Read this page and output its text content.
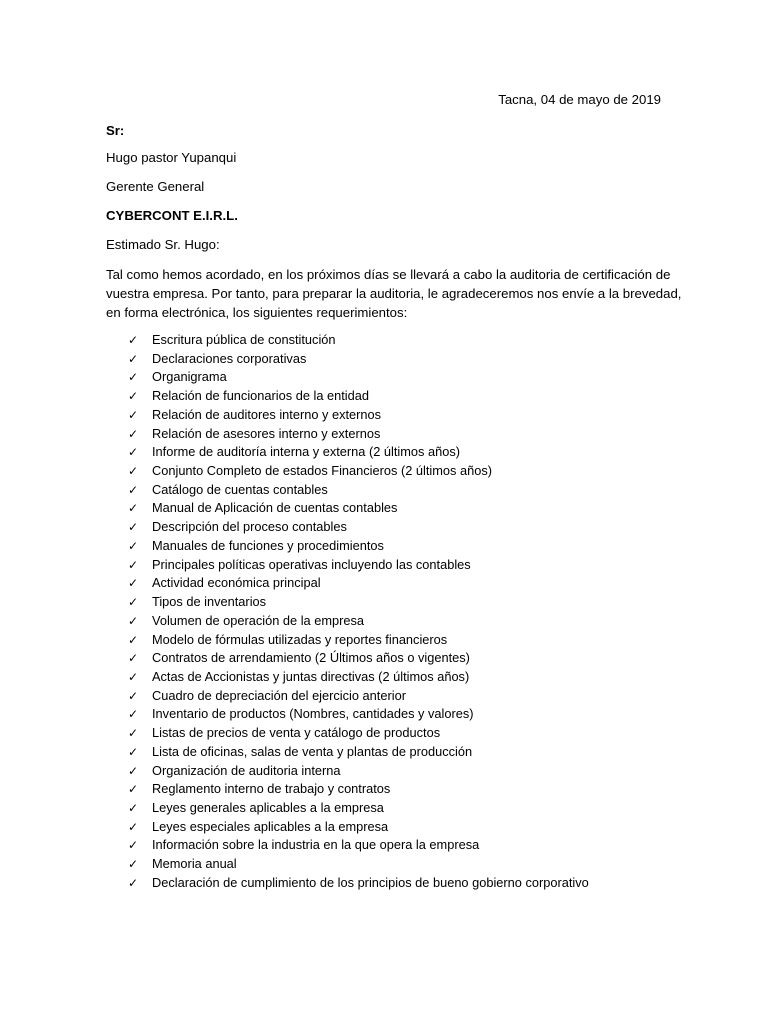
Tacna, 04 de mayo de 2019
Sr:
Hugo pastor Yupanqui
Gerente General
CYBERCONT E.I.R.L.
Estimado Sr. Hugo:
Tal como hemos acordado, en los próximos días se llevará a cabo la auditoria de certificación de
vuestra empresa. Por tanto, para preparar la auditoria, le agradeceremos nos envíe a la brevedad,
en forma electrónica, los siguientes requerimientos:
✓	Escritura pública de constitución
✓	Declaraciones corporativas
✓	Organigrama
✓	Relación de funcionarios de la entidad
✓	Relación de auditores interno y externos
✓	Relación de asesores interno y externos
✓	Informe de auditoría interna y externa (2 últimos años)
✓	Conjunto Completo de estados Financieros (2 últimos años)
✓	Catálogo de cuentas contables
✓	Manual de Aplicación de cuentas contables
✓	Descripción del proceso contables
✓	Manuales de funciones y procedimientos
✓	Principales políticas operativas incluyendo las contables
✓	Actividad económica principal
✓	Tipos de inventarios
✓	Volumen de operación de la empresa
✓	Modelo de fórmulas utilizadas y reportes financieros
✓	Contratos de arrendamiento (2 Últimos años o vigentes)
✓	Actas de Accionistas y juntas directivas (2 últimos años)
✓	Cuadro de depreciación del ejercicio anterior
✓	Inventario de productos (Nombres, cantidades y valores)
✓	Listas de precios de venta y catálogo de productos
✓	Lista de oficinas, salas de venta y plantas de producción
✓	Organización de auditoria interna
✓	Reglamento interno de trabajo y contratos
✓	Leyes generales aplicables a la empresa
✓	Leyes especiales aplicables a la empresa
✓	Información sobre la industria en la que opera la empresa
✓	Memoria anual
✓	Declaración de cumplimiento de los principios de bueno gobierno corporativo
